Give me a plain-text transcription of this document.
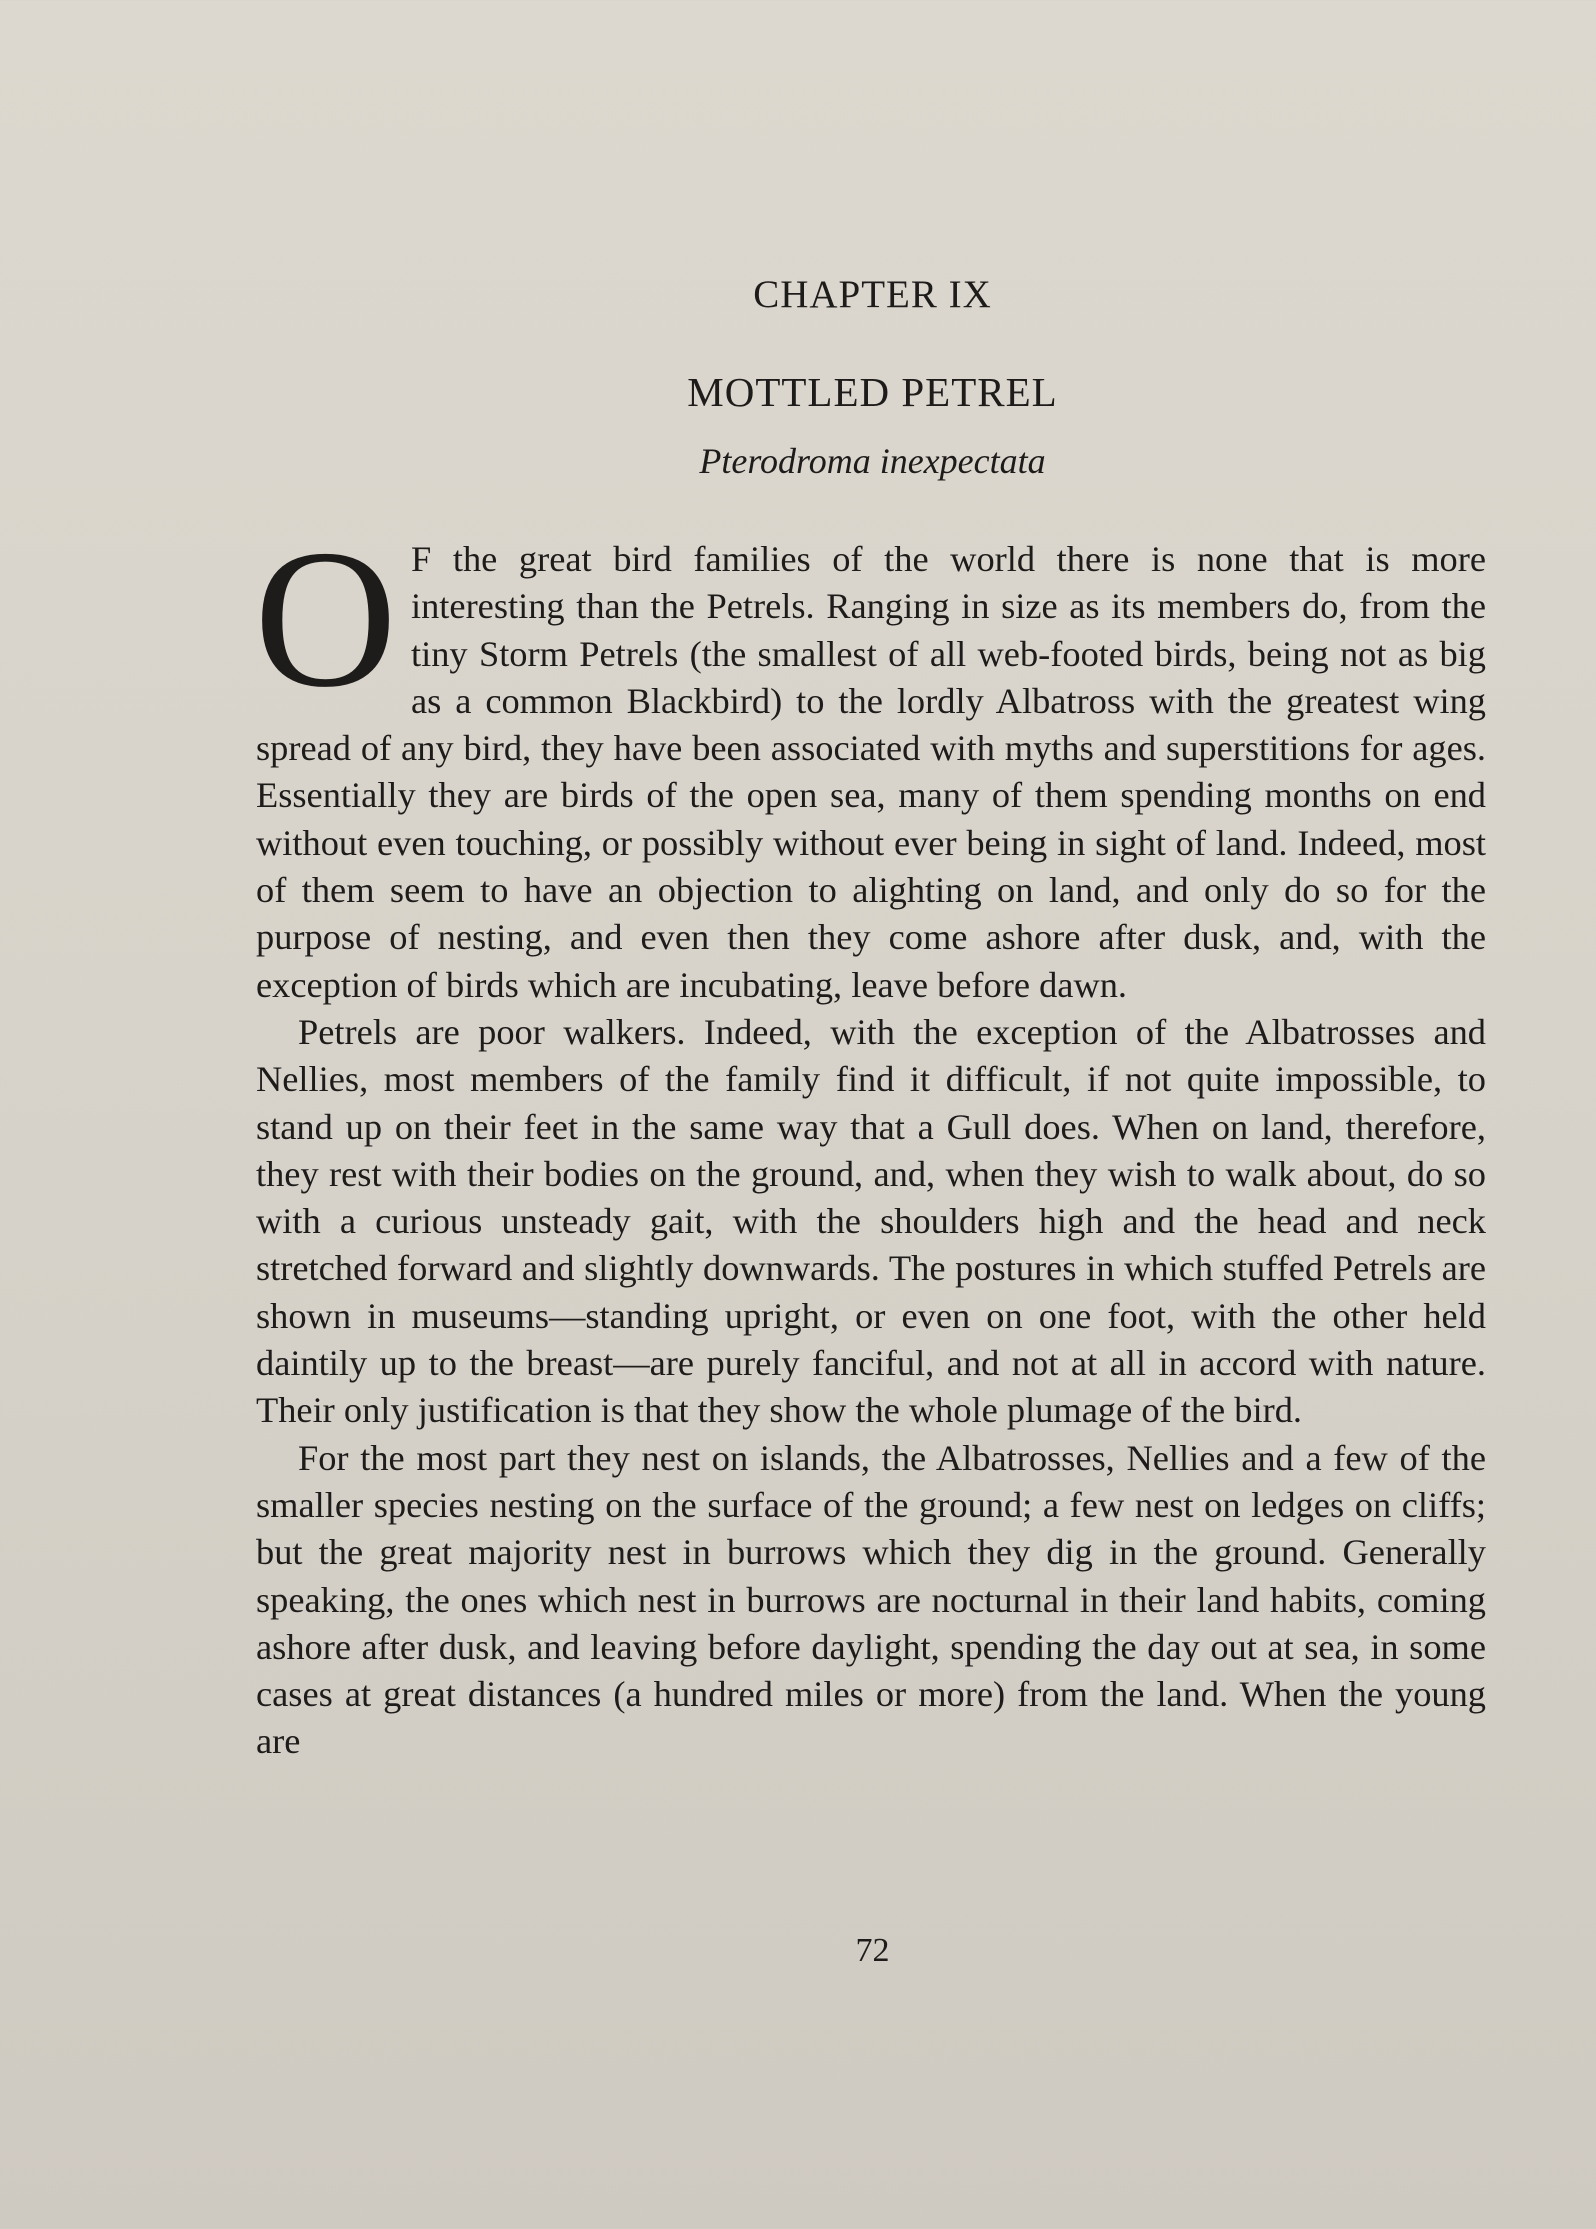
CHAPTER IX
MOTTLED PETREL
Pterodroma inexpectata

O F the great bird families of the world there is none that is more interesting than the Petrels. Ranging in size as its members do, from the tiny Storm Petrels (the smallest of all web-footed birds, being not as big as a common Blackbird) to the lordly Albatross with the greatest wing spread of any bird, they have been associated with myths and superstitions for ages. Essentially they are birds of the open sea, many of them spending months on end without even touching, or possibly without ever being in sight of land. Indeed, most of them seem to have an objection to alighting on land, and only do so for the purpose of nesting, and even then they come ashore after dusk, and, with the exception of birds which are incubating, leave before dawn.

Petrels are poor walkers. Indeed, with the exception of the Albatrosses and Nellies, most members of the family find it difficult, if not quite impossible, to stand up on their feet in the same way that a Gull does. When on land, therefore, they rest with their bodies on the ground, and, when they wish to walk about, do so with a curious unsteady gait, with the shoulders high and the head and neck stretched forward and slightly downwards. The postures in which stuffed Petrels are shown in museums—standing upright, or even on one foot, with the other held daintily up to the breast—are purely fanciful, and not at all in accord with nature. Their only justification is that they show the whole plumage of the bird.

For the most part they nest on islands, the Albatrosses, Nellies and a few of the smaller species nesting on the surface of the ground; a few nest on ledges on cliffs; but the great majority nest in burrows which they dig in the ground. Generally speaking, the ones which nest in burrows are nocturnal in their land habits, coming ashore after dusk, and leaving before daylight, spending the day out at sea, in some cases at great distances (a hundred miles or more) from the land. When the young are

72
